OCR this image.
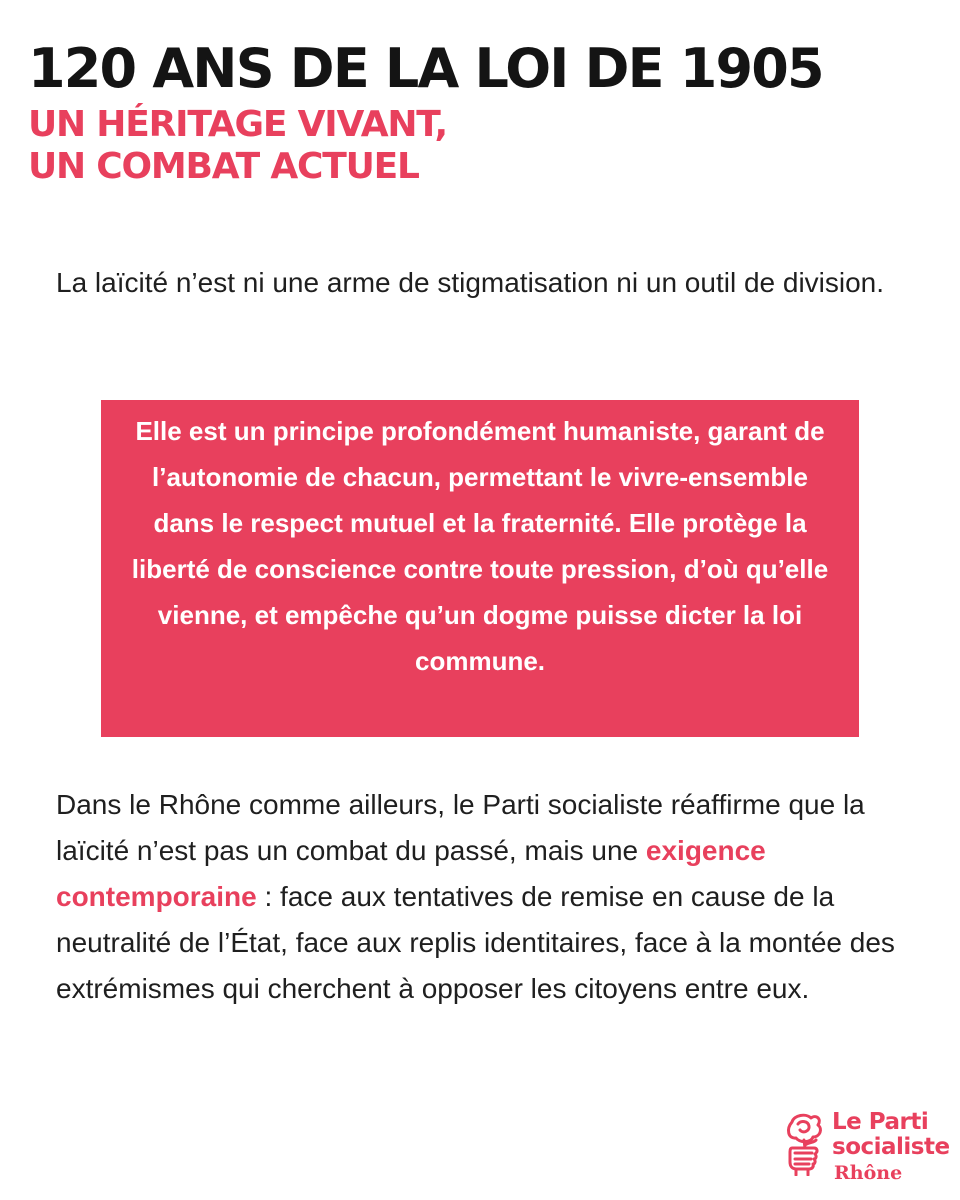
120 ANS DE LA LOI DE 1905
UN HÉRITAGE VIVANT,
UN COMBAT ACTUEL

La laïcité n’est ni une arme de stigmatisation ni un outil de division.

Elle est un principe profondément humaniste, garant de l’autonomie de chacun, permettant le vivre-ensemble dans le respect mutuel et la fraternité. Elle protège la liberté de conscience contre toute pression, d’où qu’elle vienne, et empêche qu’un dogme puisse dicter la loi commune.

Dans le Rhône comme ailleurs, le Parti socialiste réaffirme que la laïcité n’est pas un combat du passé, mais une exigence contemporaine : face aux tentatives de remise en cause de la neutralité de l’État, face aux replis identitaires, face à la montée des extrémismes qui cherchent à opposer les citoyens entre eux.

Le Parti
socialiste
Rhône
